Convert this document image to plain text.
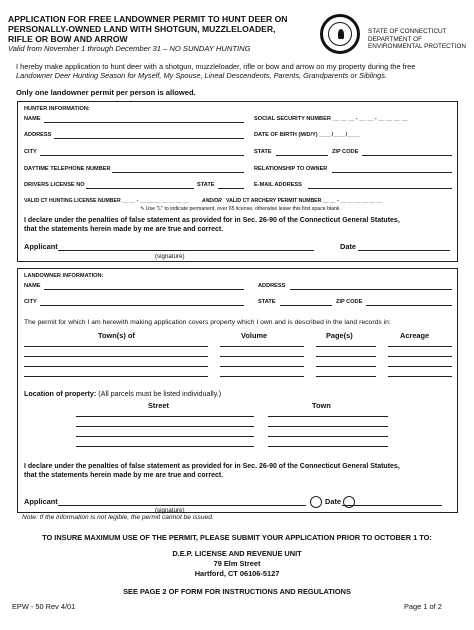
APPLICATION FOR FREE LANDOWNER PERMIT TO HUNT DEER ON
PERSONALLY-OWNED LAND WITH SHOTGUN, MUZZLELOADER,
RIFLE OR BOW AND ARROW
Valid from November 1 through December 31 – NO SUNDAY HUNTING
STATE OF CONNECTICUT
DEPARTMENT OF
ENVIRONMENTAL PROTECTION
I hereby make application to hunt deer with a shotgun, muzzleloader, rifle or bow and arrow on my property during the free
Landowner Deer Hunting Season for Myself, My Spouse, Lineal Descendents, Parents, Grandparents or Siblings.
Only one landowner permit per person is allowed.
HUNTER INFORMATION:
NAME	SOCIAL SECURITY NUMBER __ __ __ - __ __ - __ __ __ __
ADDRESS	DATE OF BIRTH (M/D/Y) ____/____/____
CITY	STATE	ZIP CODE
DAYTIME TELEPHONE NUMBER	RELATIONSHIP TO OWNER
DRIVERS LICENSE NO	STATE	E-MAIL ADDRESS
VALID CT HUNTING LICENSE NUMBER __ __ - __ __ __ __ __ __ __	AND/OR VALID CT ARCHERY PERMIT NUMBER __ __ - __ __ __ __ __ __
✎ Use "L" to indicate permanent, over 65 license, otherwise leave this first space blank.
I declare under the penalties of false statement as provided for in Sec. 26-90 of the Connecticut General Statutes,
that the statements herein made by me are true and correct.
Applicant
(signature)
Date
LANDOWNER INFORMATION:
NAME	ADDRESS
CITY	STATE	ZIP CODE
The permit for which I am herewith making application covers property which I own and is described in the land records in:
Town(s) of	Volume	Page(s)	Acreage
Location of property: (All parcels must be listed individually.)
Street	Town
I declare under the penalties of false statement as provided for in Sec. 26-90 of the Connecticut General Statutes,
that the statements herein made by me are true and correct.
Applicant
(signature)
Date
Note: If the information is not legible, the permit cannot be issued.
TO INSURE MAXIMUM USE OF THE PERMIT, PLEASE SUBMIT YOUR APPLICATION PRIOR TO OCTOBER 1 TO:
D.E.P. LICENSE AND REVENUE UNIT
79 Elm Street
Hartford, CT 06106-5127
SEE PAGE 2 OF FORM FOR INSTRUCTIONS AND REGULATIONS
EPW - 50 Rev 4/01	Page 1 of 2
